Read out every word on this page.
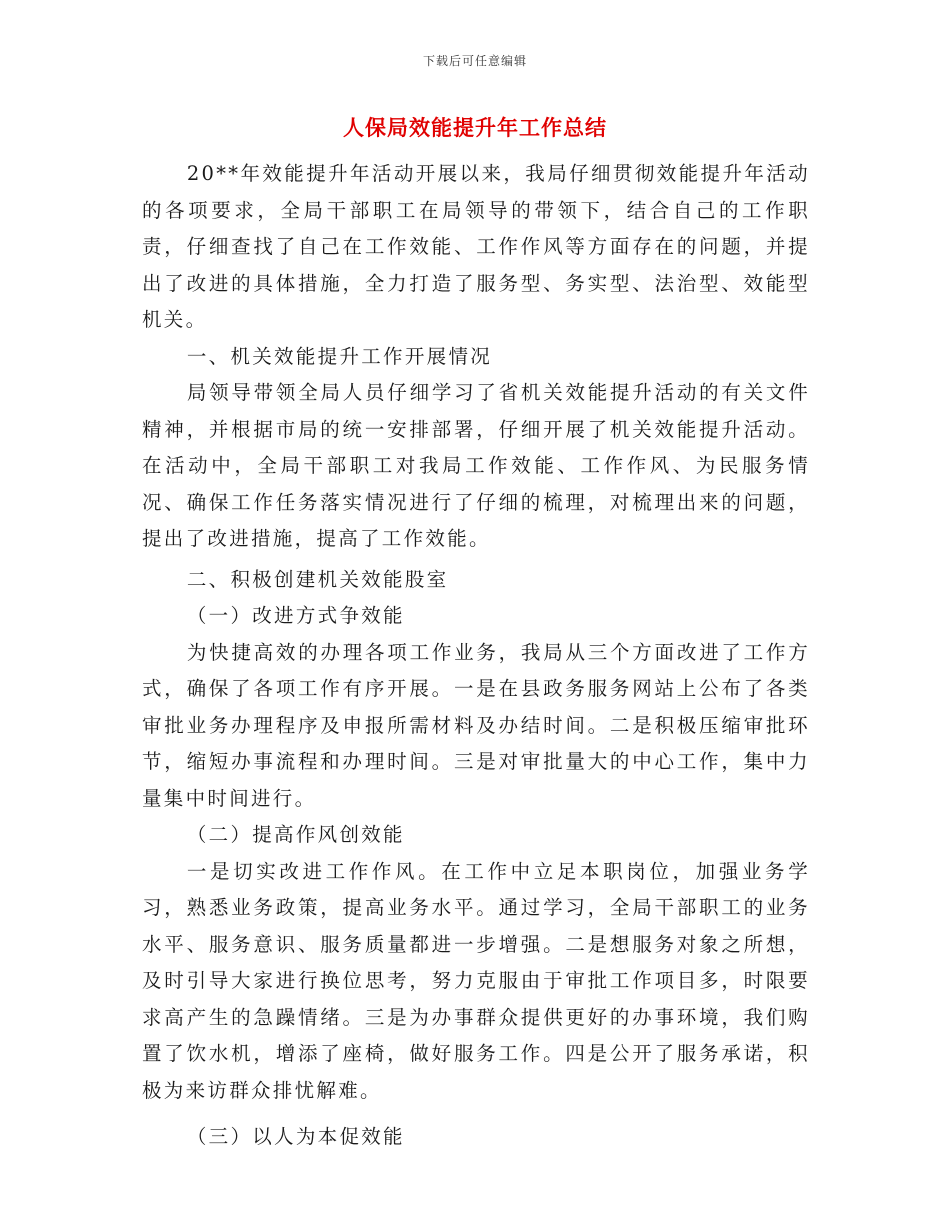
下载后可任意编辑
人保局效能提升年工作总结

20**年效能提升年活动开展以来，我局仔细贯彻效能提升年活动的各项要求，全局干部职工在局领导的带领下，结合自己的工作职责，仔细查找了自己在工作效能、工作作风等方面存在的问题，并提出了改进的具体措施，全力打造了服务型、务实型、法治型、效能型机关。

一、机关效能提升工作开展情况

局领导带领全局人员仔细学习了省机关效能提升活动的有关文件精神，并根据市局的统一安排部署，仔细开展了机关效能提升活动。在活动中，全局干部职工对我局工作效能、工作作风、为民服务情况、确保工作任务落实情况进行了仔细的梳理，对梳理出来的问题，提出了改进措施，提高了工作效能。

二、积极创建机关效能股室

（一）改进方式争效能

为快捷高效的办理各项工作业务，我局从三个方面改进了工作方式，确保了各项工作有序开展。一是在县政务服务网站上公布了各类审批业务办理程序及申报所需材料及办结时间。二是积极压缩审批环节，缩短办事流程和办理时间。三是对审批量大的中心工作，集中力量集中时间进行。

（二）提高作风创效能

一是切实改进工作作风。在工作中立足本职岗位，加强业务学习，熟悉业务政策，提高业务水平。通过学习，全局干部职工的业务水平、服务意识、服务质量都进一步增强。二是想服务对象之所想，及时引导大家进行换位思考，努力克服由于审批工作项目多，时限要求高产生的急躁情绪。三是为办事群众提供更好的办事环境，我们购置了饮水机，增添了座椅，做好服务工作。四是公开了服务承诺，积极为来访群众排忧解难。

（三）以人为本促效能
